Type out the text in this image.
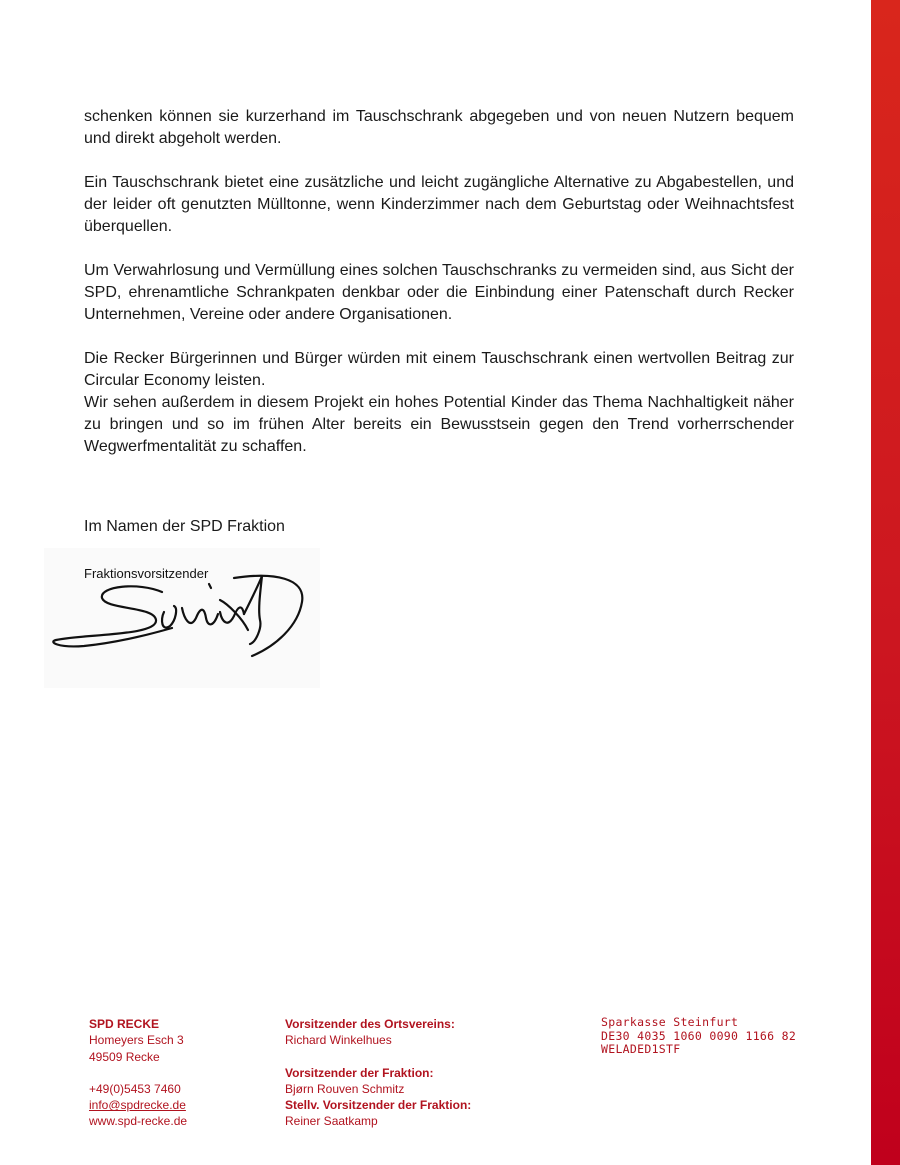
schenken können sie kurzerhand im Tauschschrank abgegeben und von neuen Nutzern bequem und direkt abgeholt werden.

Ein Tauschschrank bietet eine zusätzliche und leicht zugängliche Alternative zu Abgabestellen, und der leider oft genutzten Mülltonne, wenn Kinderzimmer nach dem Geburtstag oder Weihnachtsfest überquellen.

Um Verwahrlosung und Vermüllung eines solchen Tauschschranks zu vermeiden sind, aus Sicht der SPD, ehrenamtliche Schrankpaten denkbar oder die Einbindung einer Patenschaft durch Recker Unternehmen, Vereine oder andere Organisationen.

Die Recker Bürgerinnen und Bürger würden mit einem Tauschschrank einen wertvollen Beitrag zur Circular Economy leisten.

Wir sehen außerdem in diesem Projekt ein hohes Potential Kinder das Thema Nachhaltigkeit näher zu bringen und so im frühen Alter bereits ein Bewusstsein gegen den Trend vorherrschender Wegwerfmentalität zu schaffen.

Im Namen der SPD Fraktion
Fraktionsvorsitzender
SPD RECKE
Homeyers Esch 3
49509 Recke
+49(0)5453 7460
info@spdrecke.de
www.spd-recke.de
Vorsitzender des Ortsvereins:
Richard Winkelhues
Vorsitzender der Fraktion:
Bjørn Rouven Schmitz
Stellv. Vorsitzender der Fraktion:
Reiner Saatkamp
Sparkasse Steinfurt
DE30 4035 1060 0090 1166 82
WELADED1STF
